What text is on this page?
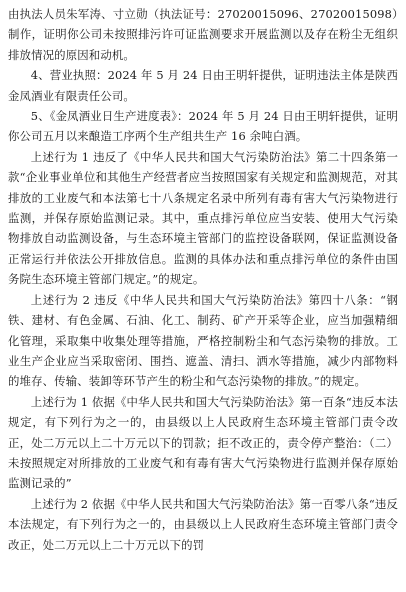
由执法人员朱军涛、寸立勋（执法证号：27020015096、27020015098）制作，证明你公司未按照排污许可证监测要求开展监测以及存在粉尘无组织排放情况的原因和动机。

4、营业执照：2024 年 5 月 24 日由王明轩提供，证明违法主体是陕西金凤酒业有限责任公司。

5、《金凤酒业日生产进度表》：2024 年 5 月 24 日由王明轩提供，证明你公司五月以来酿造工序两个生产组共生产 16 余吨白酒。

上述行为 1 违反了《中华人民共和国大气污染防治法》第二十四条第一款“企业事业单位和其他生产经营者应当按照国家有关规定和监测规范，对其排放的工业废气和本法第七十八条规定名录中所列有毒有害大气污染物进行监测，并保存原始监测记录。其中，重点排污单位应当安装、使用大气污染物排放自动监测设备，与生态环境主管部门的监控设备联网，保证监测设备正常运行并依法公开排放信息。监测的具体办法和重点排污单位的条件由国务院生态环境主管部门规定。”的规定。

上述行为 2 违反《中华人民共和国大气污染防治法》第四十八条：“钢铁、建材、有色金属、石油、化工、制药、矿产开采等企业，应当加强精细化管理，采取集中收集处理等措施，严格控制粉尘和气态污染物的排放。工业生产企业应当采取密闭、围挡、遮盖、清扫、洒水等措施，减少内部物料的堆存、传输、装卸等环节产生的粉尘和气态污染物的排放。”的规定。

上述行为 1 依据《中华人民共和国大气污染防治法》第一百条“违反本法规定，有下列行为之一的，由县级以上人民政府生态环境主管部门责令改正，处二万元以上二十万元以下的罚款；拒不改正的，责令停产整治：（二）未按照规定对所排放的工业废气和有毒有害大气污染物进行监测并保存原始监测记录的”

上述行为 2 依据《中华人民共和国大气污染防治法》第一百零八条“违反本法规定，有下列行为之一的，由县级以上人民政府生态环境主管部门责令改正，处二万元以上二十万元以下的罚
